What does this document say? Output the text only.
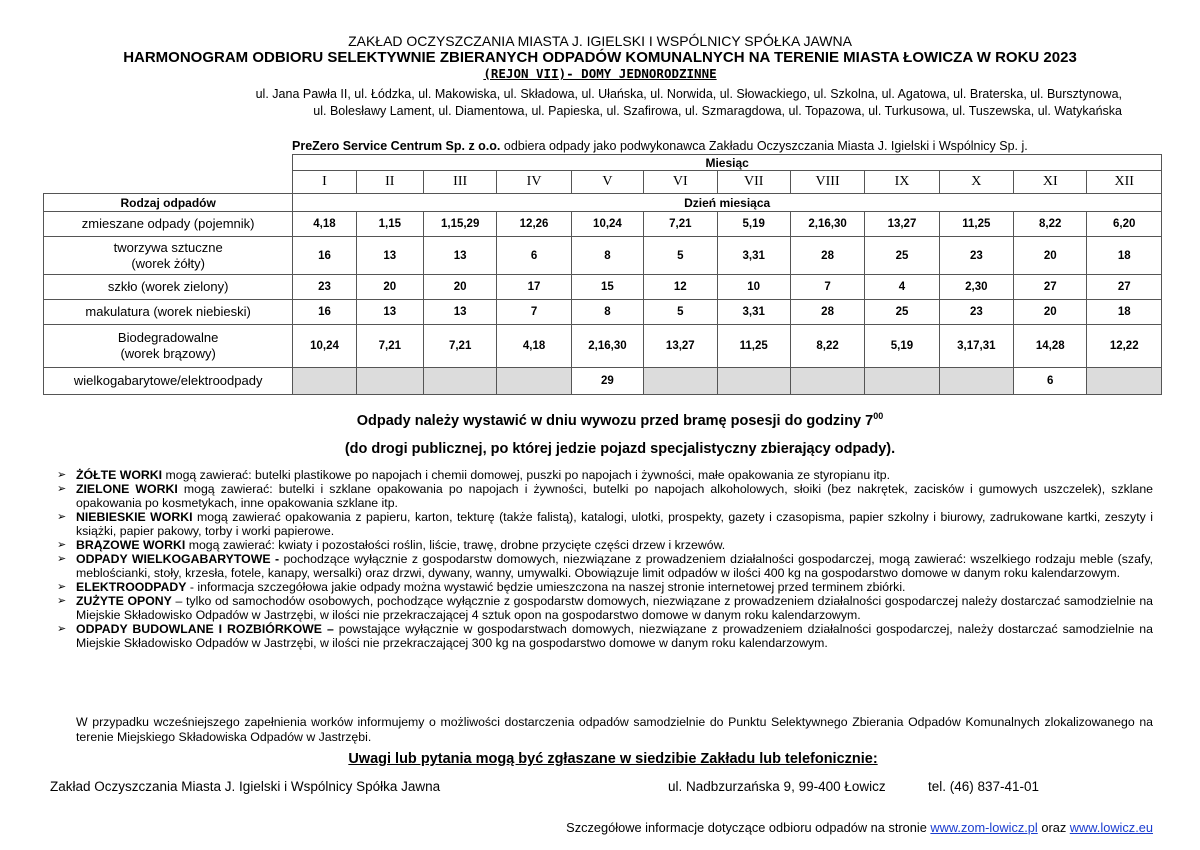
ZAKŁAD OCZYSZCZANIA MIASTA J. IGIELSKI I WSPÓLNICY SPÓŁKA JAWNA
HARMONOGRAM ODBIORU SELEKTYWNIE ZBIERANYCH ODPADÓW KOMUNALNYCH NA TERENIE MIASTA ŁOWICZA W ROKU 2023
(REJON VII)- DOMY JEDNORODZINNE
ul. Jana Pawła II, ul. Łódzka, ul. Makowiska, ul. Składowa, ul. Ułańska, ul. Norwida, ul. Słowackiego, ul. Szkolna, ul. Agatowa, ul. Braterska, ul. Bursztynowa,
ul. Bolesławy Lament, ul. Diamentowa, ul. Papieska, ul. Szafirowa, ul. Szmaragdowa, ul. Topazowa, ul. Turkusowa, ul. Tuszewska, ul. Watykańska
PreZero Service Centrum Sp. z o.o. odbiera odpady jako podwykonawca Zakładu Oczyszczania Miasta J. Igielski i Wspólnicy Sp. j.
	Miesiąc											
	I	II	III	IV	V	VI	VII	VIII	IX	X	XI	XII
Rodzaj odpadów	Dzień miesiąca											

zmieszane odpady (pojemnik)	4,18	1,15	1,15,29	12,26	10,24	7,21	5,19	2,16,30	13,27	11,25	8,22	6,20

tworzywa sztuczne
(worek żółty)	16	13	13	6	8	5	3,31	28	25	23	20	18

szkło (worek zielony)	23	20	20	17	15	12	10	7	4	2,30	27	27

makulatura (worek niebieski)	16	13	13	7	8	5	3,31	28	25	23	20	18

Biodegradowalne
(worek brązowy)	10,24	7,21	7,21	4,18	2,16,30	13,27	11,25	8,22	5,19	3,17,31	14,28	12,22

wielkogabarytowe/elektroodpady					29						6	
Odpady należy wystawić w dniu wywozu przed bramę posesji do godziny $7^{00}$
(do drogi publicznej, po której jedzie pojazd specjalistyczny zbierający odpady).
➢ ŻÓŁTE WORKI mogą zawierać: butelki plastikowe po napojach i chemii domowej, puszki po napojach i żywności, małe opakowania ze styropianu itp.
➢ ZIELONE WORKI mogą zawierać: butelki i szklane opakowania po napojach i żywności, butelki po napojach alkoholowych, słoiki (bez nakrętek, zacisków i gumowych uszczelek), szklane opakowania po kosmetykach, inne opakowania szklane itp.
➢ NIEBIESKIE WORKI mogą zawierać opakowania z papieru, karton, tekturę (także falistą), katalogi, ulotki, prospekty, gazety i czasopisma, papier szkolny i biurowy, zadrukowane kartki, zeszyty i książki, papier pakowy, torby i worki papierowe.
➢ BRĄZOWE WORKI mogą zawierać: kwiaty i pozostałości roślin, liście, trawę, drobne przycięte części drzew i krzewów.
➢ ODPADY WIELKOGABARYTOWE - pochodzące wyłącznie z gospodarstw domowych, niezwiązane z prowadzeniem działalności gospodarczej, mogą zawierać: wszelkiego rodzaju meble (szafy, meblościanki, stoły, krzesła, fotele, kanapy, wersalki) oraz drzwi, dywany, wanny, umywalki. Obowiązuje limit odpadów w ilości 400 kg na gospodarstwo domowe w danym roku kalendarzowym.
➢ ELEKTROODPADY - informacja szczegółowa jakie odpady można wystawić będzie umieszczona na naszej stronie internetowej przed terminem zbiórki.
➢ ZUŻYTE OPONY – tylko od samochodów osobowych, pochodzące wyłącznie z gospodarstw domowych, niezwiązane z prowadzeniem działalności gospodarczej należy dostarczać samodzielnie na Miejskie Składowisko Odpadów w Jastrzębi, w ilości nie przekraczającej 4 sztuk opon na gospodarstwo domowe w danym roku kalendarzowym.
➢ ODPADY BUDOWLANE I ROZBIÓRKOWE – powstające wyłącznie w gospodarstwach domowych, niezwiązane z prowadzeniem działalności gospodarczej, należy dostarczać samodzielnie na Miejskie Składowisko Odpadów w Jastrzębi, w ilości nie przekraczającej 300 kg na gospodarstwo domowe w danym roku kalendarzowym.
W przypadku wcześniejszego zapełnienia worków informujemy o możliwości dostarczenia odpadów samodzielnie do Punktu Selektywnego Zbierania Odpadów Komunalnych zlokalizowanego na terenie Miejskiego Składowiska Odpadów w Jastrzębi.
Uwagi lub pytania mogą być zgłaszane w siedzibie Zakładu lub telefonicznie:
Zakład Oczyszczania Miasta J. Igielski i Wspólnicy Spółka Jawna	ul. Nadbzurzańska 9, 99-400 Łowicz	tel. (46) 837-41-01
Szczegółowe informacje dotyczące odbioru odpadów na stronie www.zom-lowicz.pl oraz www.lowicz.eu
